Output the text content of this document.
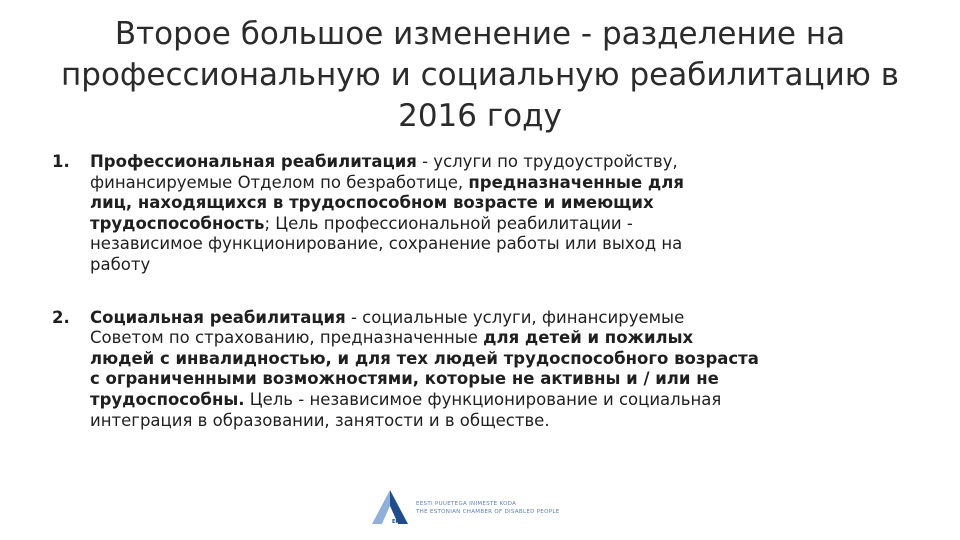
Второе большое изменение - разделение на
профессиональную и социальную реабилитацию в
2016 году
1. Профессиональная реабилитация - услуги по трудоустройству,
финансируемые Отделом по безработице, предназначенные для
лиц, находящихся в трудоспособном возрасте и имеющих
трудоспособность; Цель профессиональной реабилитации -
независимое функционирование, сохранение работы или выход на
работу
2. Социальная реабилитация - социальные услуги, финансируемые
Советом по страхованию, предназначенные для детей и пожилых
людей с инвалидностью, и для тех людей трудоспособного возраста
с ограниченными возможностями, которые не активны и / или не
трудоспособны. Цель - независимое функционирование и социальная
интеграция в образовании, занятости и в обществе.
EPIK
EESTI PUUETEGA INIMESTE KODA
THE ESTONIAN CHAMBER OF DISABLED PEOPLE
